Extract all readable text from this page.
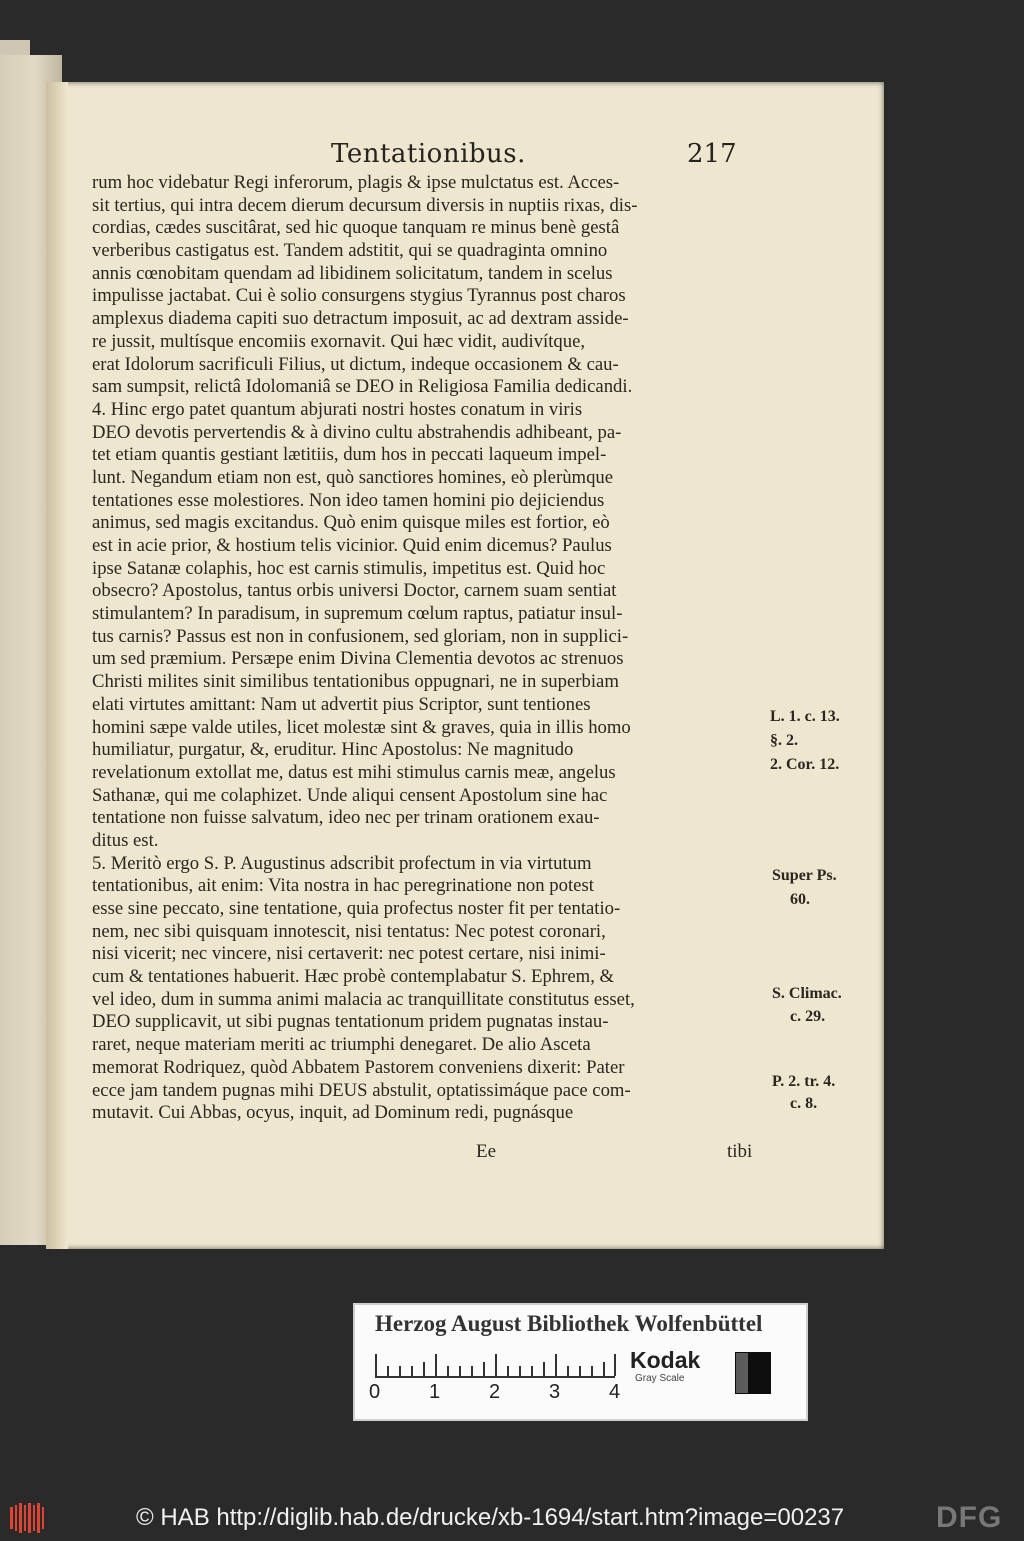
Tentationibus.	217
rum hoc videbatur Regi inferorum, plagis & ipse mulctatus est. Acces-
sit tertius, qui intra decem dierum decursum diversis in nuptiis rixas, dis-
cordias, cædes suscitârat, sed hic quoque tanquam re minus benè gestâ
verberibus castigatus est. Tandem adstitit, qui se quadraginta omnino
annis cœnobitam quendam ad libidinem solicitatum, tandem in scelus
impulisse jactabat. Cui è solio consurgens stygius Tyrannus post charos
amplexus diadema capiti suo detractum imposuit, ac ad dextram asside-
re jussit, multísque encomiis exornavit. Qui hæc vidit, audivítque,
erat Idolorum sacrificuli Filius, ut dictum, indeque occasionem & cau-
sam sumpsit, relictâ Idolomaniâ se DEO in Religiosa Familia dedicandi.
4. Hinc ergo patet quantum abjurati nostri hostes conatum in viris
DEO devotis pervertendis & à divino cultu abstrahendis adhibeant, pa-
tet etiam quantis gestiant lætitiis, dum hos in peccati laqueum impel-
lunt. Negandum etiam non est, quò sanctiores homines, eò plerùmque
tentationes esse molestiores. Non ideo tamen homini pio dejiciendus
animus, sed magis excitandus. Quò enim quisque miles est fortior, eò
est in acie prior, & hostium telis vicinior. Quid enim dicemus? Paulus
ipse Satanæ colaphis, hoc est carnis stimulis, impetitus est. Quid hoc
obsecro? Apostolus, tantus orbis universi Doctor, carnem suam sentiat
stimulantem? In paradisum, in supremum cœlum raptus, patiatur insul-
tus carnis? Passus est non in confusionem, sed gloriam, non in supplici-
um sed præmium. Persæpe enim Divina Clementia devotos ac strenuos
Christi milites sinit similibus tentationibus oppugnari, ne in superbiam
elati virtutes amittant: Nam ut advertit pius Scriptor, sunt tentiones
homini sæpe valde utiles, licet molestæ sint & graves, quia in illis homo
humiliatur, purgatur, &, eruditur. Hinc Apostolus: Ne magnitudo
revelationum extollat me, datus est mihi stimulus carnis meæ, angelus
Sathanæ, qui me colaphizet. Unde aliqui censent Apostolum sine hac
tentatione non fuisse salvatum, ideo nec per trinam orationem exau-
ditus est.
5. Meritò ergo S. P. Augustinus adscribit profectum in via virtutum
tentationibus, ait enim: Vita nostra in hac peregrinatione non potest
esse sine peccato, sine tentatione, quia profectus noster fit per tentatio-
nem, nec sibi quisquam innotescit, nisi tentatus: Nec potest coronari,
nisi vicerit; nec vincere, nisi certaverit: nec potest certare, nisi inimi-
cum & tentationes habuerit. Hæc probè contemplabatur S. Ephrem, &
vel ideo, dum in summa animi malacia ac tranquillitate constitutus esset,
DEO supplicavit, ut sibi pugnas tentationum pridem pugnatas instau-
raret, neque materiam meriti ac triumphi denegaret. De alio Asceta
memorat Rodriquez, quòd Abbatem Pastorem conveniens dixerit: Pater
ecce jam tandem pugnas mihi DEUS abstulit, optatissimáque pace com-
mutavit. Cui Abbas, ocyus, inquit, ad Dominum redi, pugnásque
Ee	tibi
L. 1. c. 13.
§. 2.
2. Cor. 12.
Super Ps.
60.
S. Climac.
c. 29.
P. 2. tr. 4.
c. 8.
Herzog August Bibliothek Wolfenbüttel
0 1 2 3 4
Kodak
Gray Scale
© HAB http://diglib.hab.de/drucke/xb-1694/start.htm?image=00237	DFG
